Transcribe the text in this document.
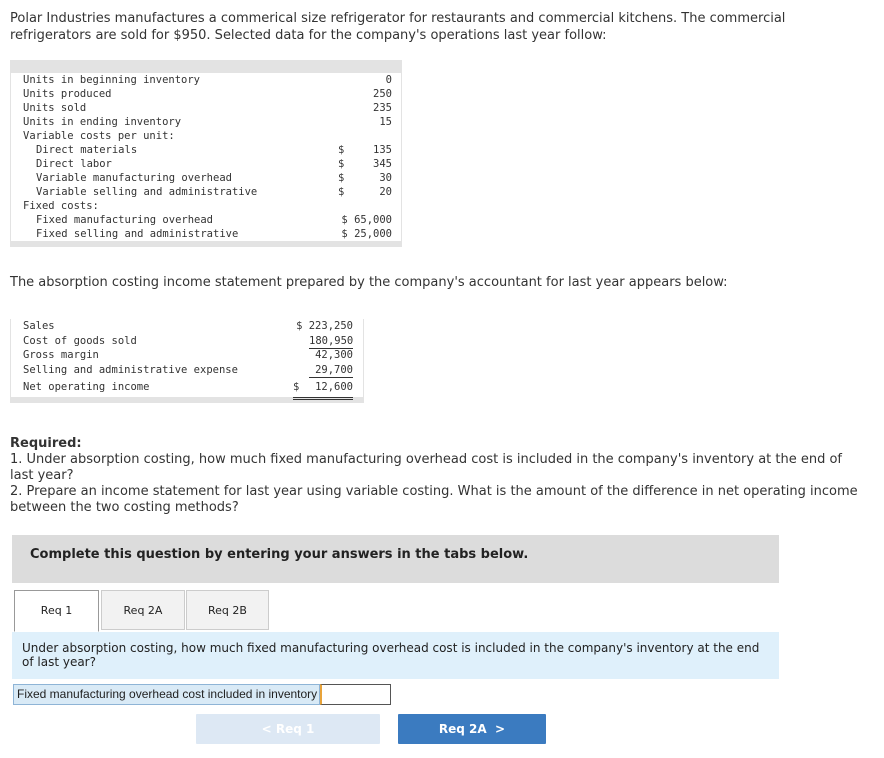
Polar Industries manufactures a commerical size refrigerator for restaurants and commercial kitchens. The commercial refrigerators are sold for $950. Selected data for the company's operations last year follow:
Units in beginning inventory	0
Units produced	250
Units sold	235
Units in ending inventory	15
Variable costs per unit:
Direct materials	$	135
Direct labor	$	345
Variable manufacturing overhead	$	30
Variable selling and administrative	$	20
Fixed costs:
Fixed manufacturing overhead	$ 65,000
Fixed selling and administrative	$ 25,000
The absorption costing income statement prepared by the company's accountant for last year appears below:
Sales	$ 223,250
Cost of goods sold	180,950
Gross margin	42,300
Selling and administrative expense	29,700
Net operating income	$	12,600
Required:
1. Under absorption costing, how much fixed manufacturing overhead cost is included in the company's inventory at the end of last year?
2. Prepare an income statement for last year using variable costing. What is the amount of the difference in net operating income between the two costing methods?
Complete this question by entering your answers in the tabs below.
Req 1	Req 2A	Req 2B
Under absorption costing, how much fixed manufacturing overhead cost is included in the company's inventory at the end of last year?
Fixed manufacturing overhead cost included in inventory
< Req 1	Req 2A  >
